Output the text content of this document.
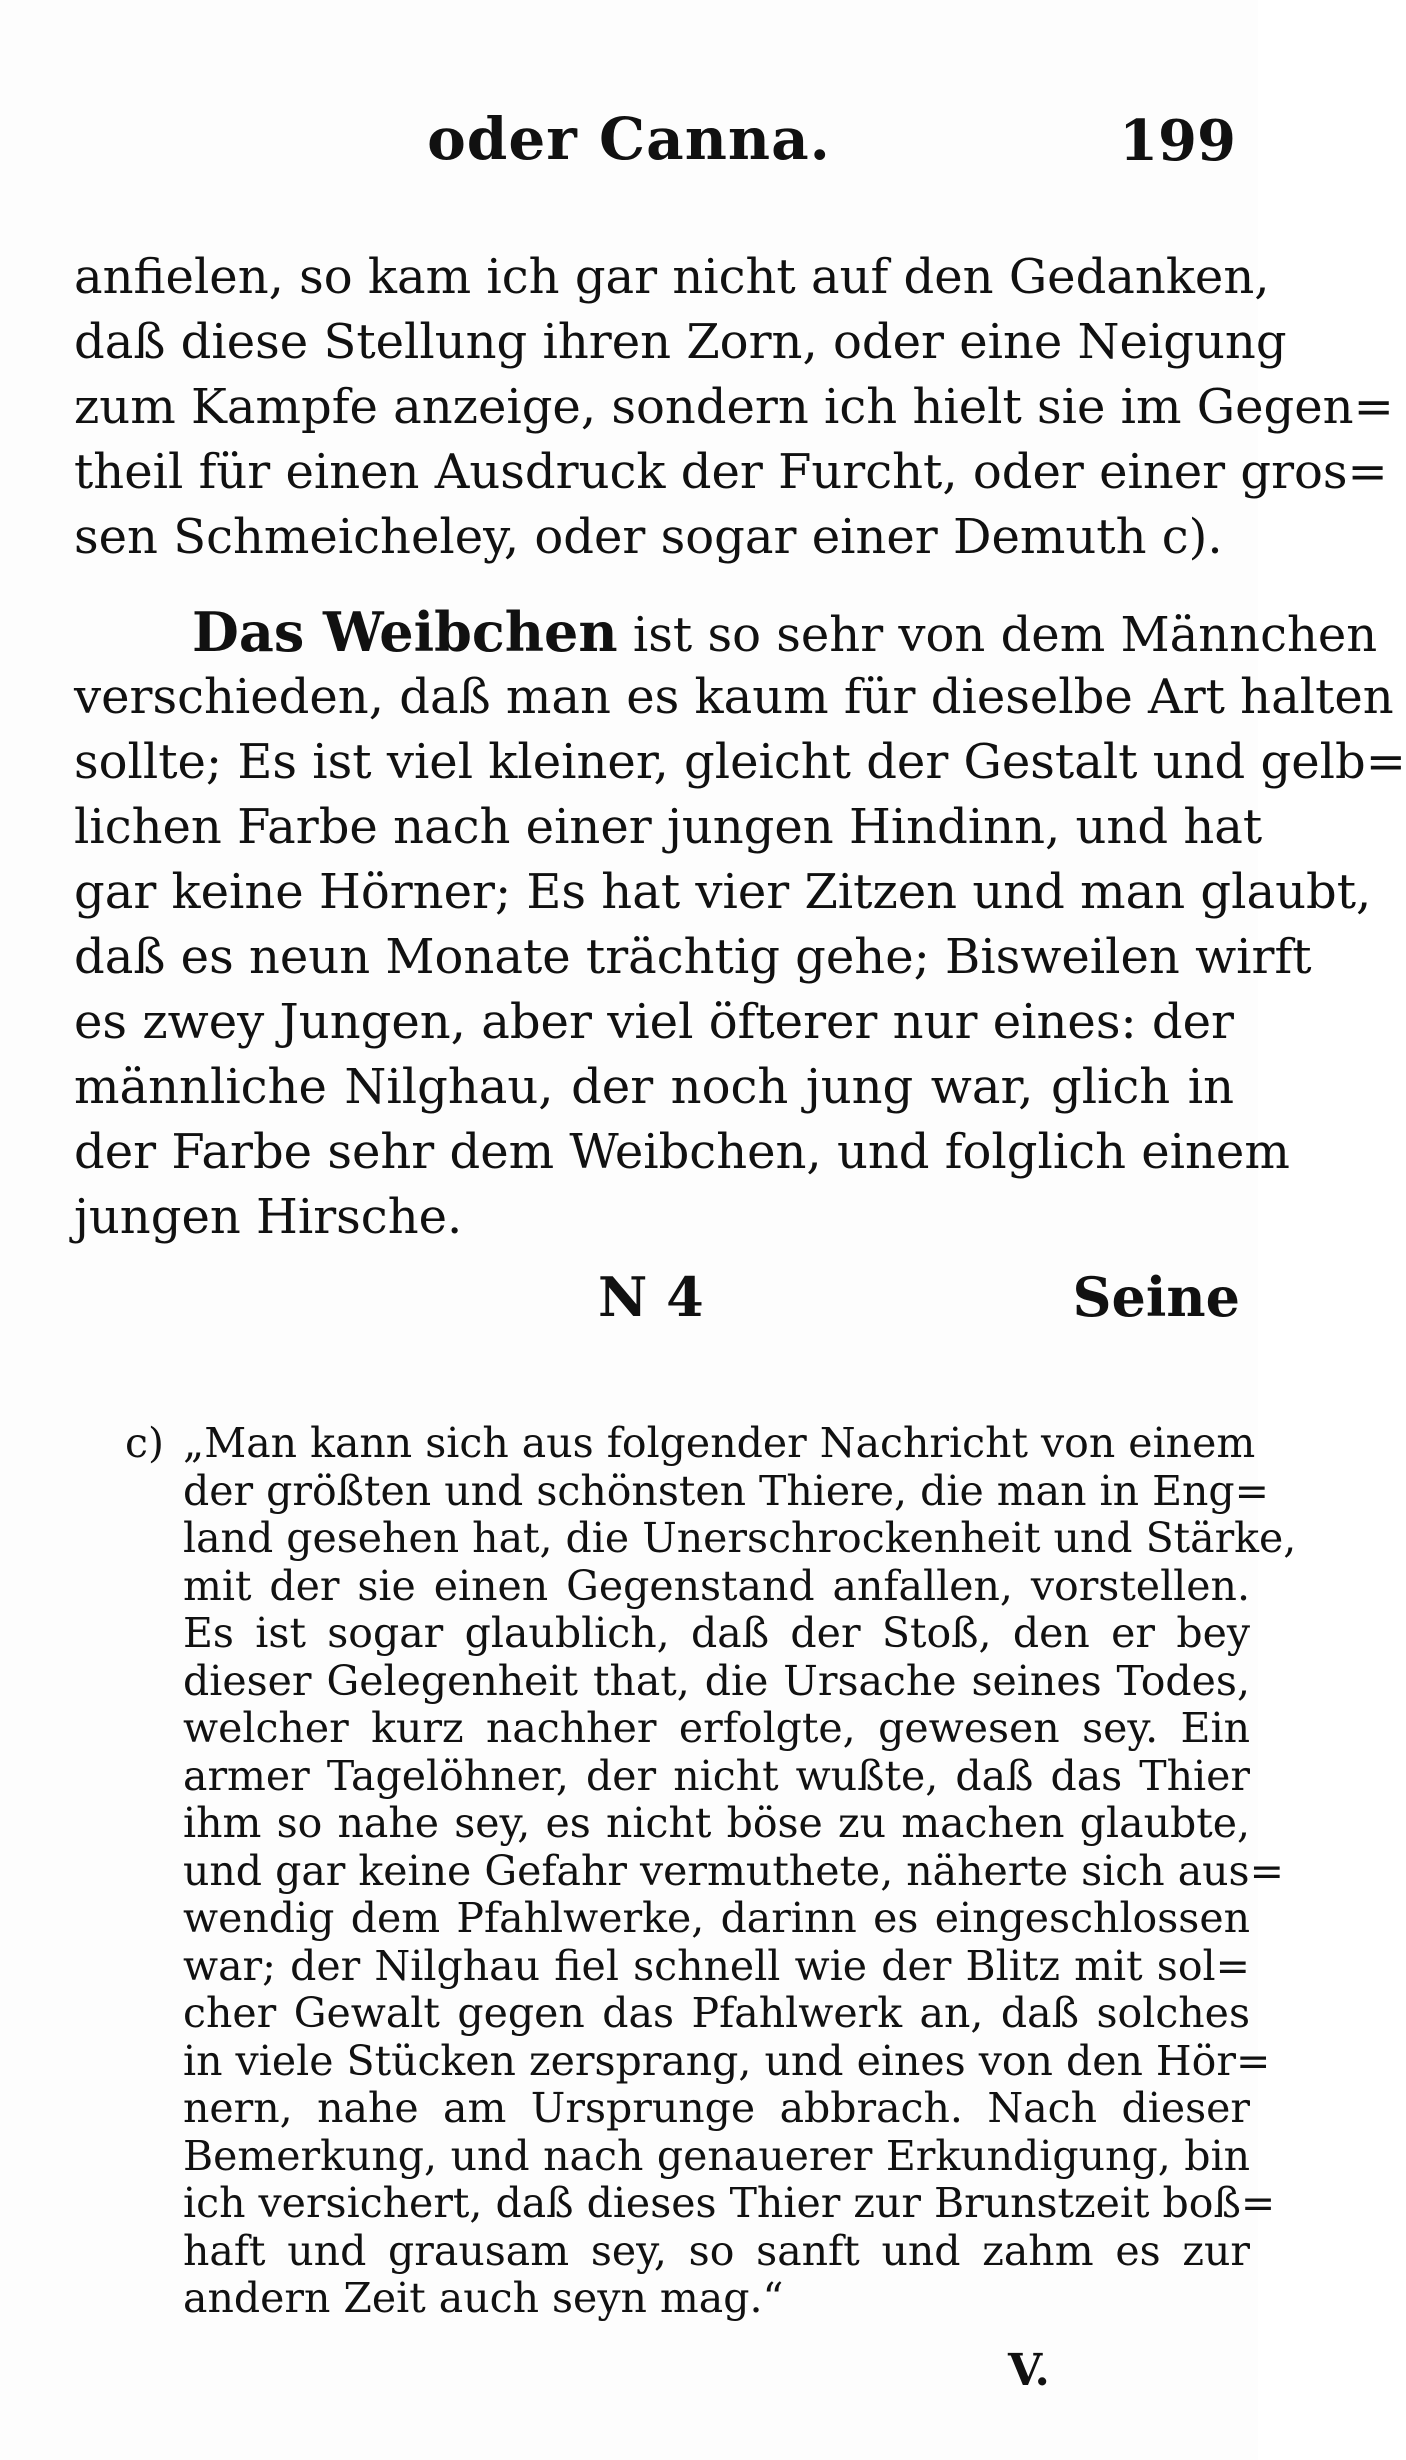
oder Canna.	199
anfielen, so kam ich gar nicht auf den Gedanken,
daß diese Stellung ihren Zorn, oder eine Neigung
zum Kampfe anzeige, sondern ich hielt sie im Gegen=
theil für einen Ausdruck der Furcht, oder einer gros=
sen Schmeicheley, oder sogar einer Demuth c).
Das Weibchen ist so sehr von dem Männchen
verschieden, daß man es kaum für dieselbe Art halten
sollte; Es ist viel kleiner, gleicht der Gestalt und gelb=
lichen Farbe nach einer jungen Hindinn, und hat
gar keine Hörner; Es hat vier Zitzen und man glaubt,
daß es neun Monate trächtig gehe; Bisweilen wirft
es zwey Jungen, aber viel öfterer nur eines: der
männliche Nilghau, der noch jung war, glich in
der Farbe sehr dem Weibchen, und folglich einem
jungen Hirsche.
N 4	Seine
c) „Man kann sich aus folgender Nachricht von einem
der größten und schönsten Thiere, die man in Eng=
land gesehen hat, die Unerschrockenheit und Stärke,
mit der sie einen Gegenstand anfallen, vorstellen.
Es ist sogar glaublich, daß der Stoß, den er bey
dieser Gelegenheit that, die Ursache seines Todes,
welcher kurz nachher erfolgte, gewesen sey. Ein
armer Tagelöhner, der nicht wußte, daß das Thier
ihm so nahe sey, es nicht böse zu machen glaubte,
und gar keine Gefahr vermuthete, näherte sich aus=
wendig dem Pfahlwerke, darinn es eingeschlossen
war; der Nilghau fiel schnell wie der Blitz mit sol=
cher Gewalt gegen das Pfahlwerk an, daß solches
in viele Stücken zersprang, und eines von den Hör=
nern, nahe am Ursprunge abbrach. Nach dieser
Bemerkung, und nach genauerer Erkundigung, bin
ich versichert, daß dieses Thier zur Brunstzeit boß=
haft und grausam sey, so sanft und zahm es zur
andern Zeit auch seyn mag.“
V.
